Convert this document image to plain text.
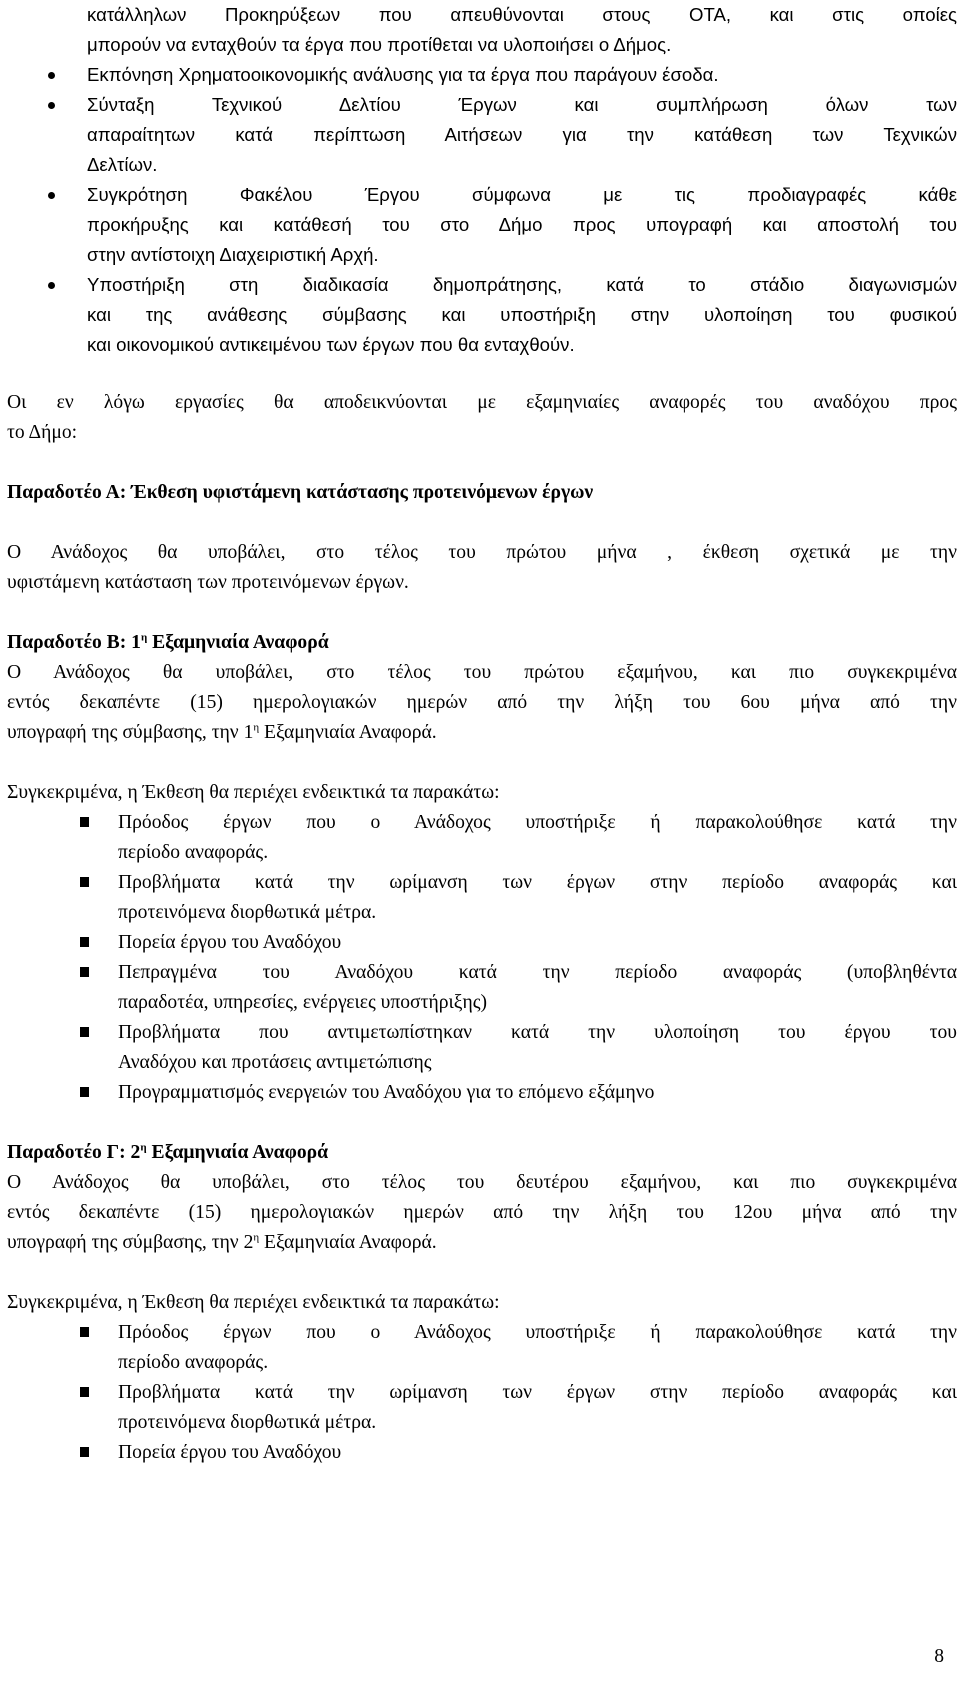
κατάλληλων Προκηρύξεων που απευθύνονται στους ΟΤΑ, και στις οποίες
μπορούν να ενταχθούν τα έργα που προτίθεται να υλοποιήσει ο Δήμος.
Εκπόνηση Χρηματοοικονομικής ανάλυσης για τα έργα που παράγουν έσοδα.
Σύνταξη Τεχνικού Δελτίου Έργων και συμπλήρωση όλων των
απαραίτητων κατά περίπτωση Αιτήσεων για την κατάθεση των Τεχνικών
Δελτίων.
Συγκρότηση Φακέλου Έργου σύμφωνα με τις προδιαγραφές κάθε
προκήρυξης και κατάθεσή του στο Δήμο προς υπογραφή και αποστολή του
στην αντίστοιχη Διαχειριστική Αρχή.
Υποστήριξη στη διαδικασία δημοπράτησης, κατά το στάδιο διαγωνισμών
και της ανάθεσης σύμβασης και υποστήριξη στην υλοποίηση του φυσικού
και οικονομικού αντικειμένου των έργων που θα ενταχθούν.
Οι εν λόγω εργασίες θα αποδεικνύονται με εξαμηνιαίες αναφορές του αναδόχου προς
το Δήμο:
Παραδοτέο Α: Έκθεση υφιστάμενη κατάστασης προτεινόμενων έργων
Ο Ανάδοχος θα υποβάλει, στο τέλος του πρώτου μήνα , έκθεση σχετικά με την
υφιστάμενη κατάσταση των προτεινόμενων έργων.
Παραδοτέο Β: $1^\eta$ Εξαμηνιαία Αναφορά
Ο Ανάδοχος θα υποβάλει, στο τέλος του πρώτου εξαμήνου, και πιο συγκεκριμένα
εντός δεκαπέντε (15) ημερολογιακών ημερών από την λήξη του 6ου μήνα από την
υπογραφή της σύμβασης, την $1^\eta$ Εξαμηνιαία Αναφορά.
Συγκεκριμένα, η Έκθεση θα περιέχει ενδεικτικά τα παρακάτω:
Πρόοδος έργων που ο Ανάδοχος υποστήριξε ή παρακολούθησε κατά την
περίοδο αναφοράς.
Προβλήματα κατά την ωρίμανση των έργων στην περίοδο αναφοράς και
προτεινόμενα διορθωτικά μέτρα.
Πορεία έργου του Αναδόχου
Πεπραγμένα του Αναδόχου κατά την περίοδο αναφοράς (υποβληθέντα
παραδοτέα, υπηρεσίες, ενέργειες υποστήριξης)
Προβλήματα που αντιμετωπίστηκαν κατά την υλοποίηση του έργου του
Αναδόχου και προτάσεις αντιμετώπισης
Προγραμματισμός ενεργειών του Αναδόχου για το επόμενο εξάμηνο
Παραδοτέο Γ: $2^\eta$ Εξαμηνιαία Αναφορά
Ο Ανάδοχος θα υποβάλει, στο τέλος του δευτέρου εξαμήνου, και πιο συγκεκριμένα
εντός δεκαπέντε (15) ημερολογιακών ημερών από την λήξη του 12ου μήνα από την
υπογραφή της σύμβασης, την $2^\eta$ Εξαμηνιαία Αναφορά.
Συγκεκριμένα, η Έκθεση θα περιέχει ενδεικτικά τα παρακάτω:
Πρόοδος έργων που ο Ανάδοχος υποστήριξε ή παρακολούθησε κατά την
περίοδο αναφοράς.
Προβλήματα κατά την ωρίμανση των έργων στην περίοδο αναφοράς και
προτεινόμενα διορθωτικά μέτρα.
Πορεία έργου του Αναδόχου
8
